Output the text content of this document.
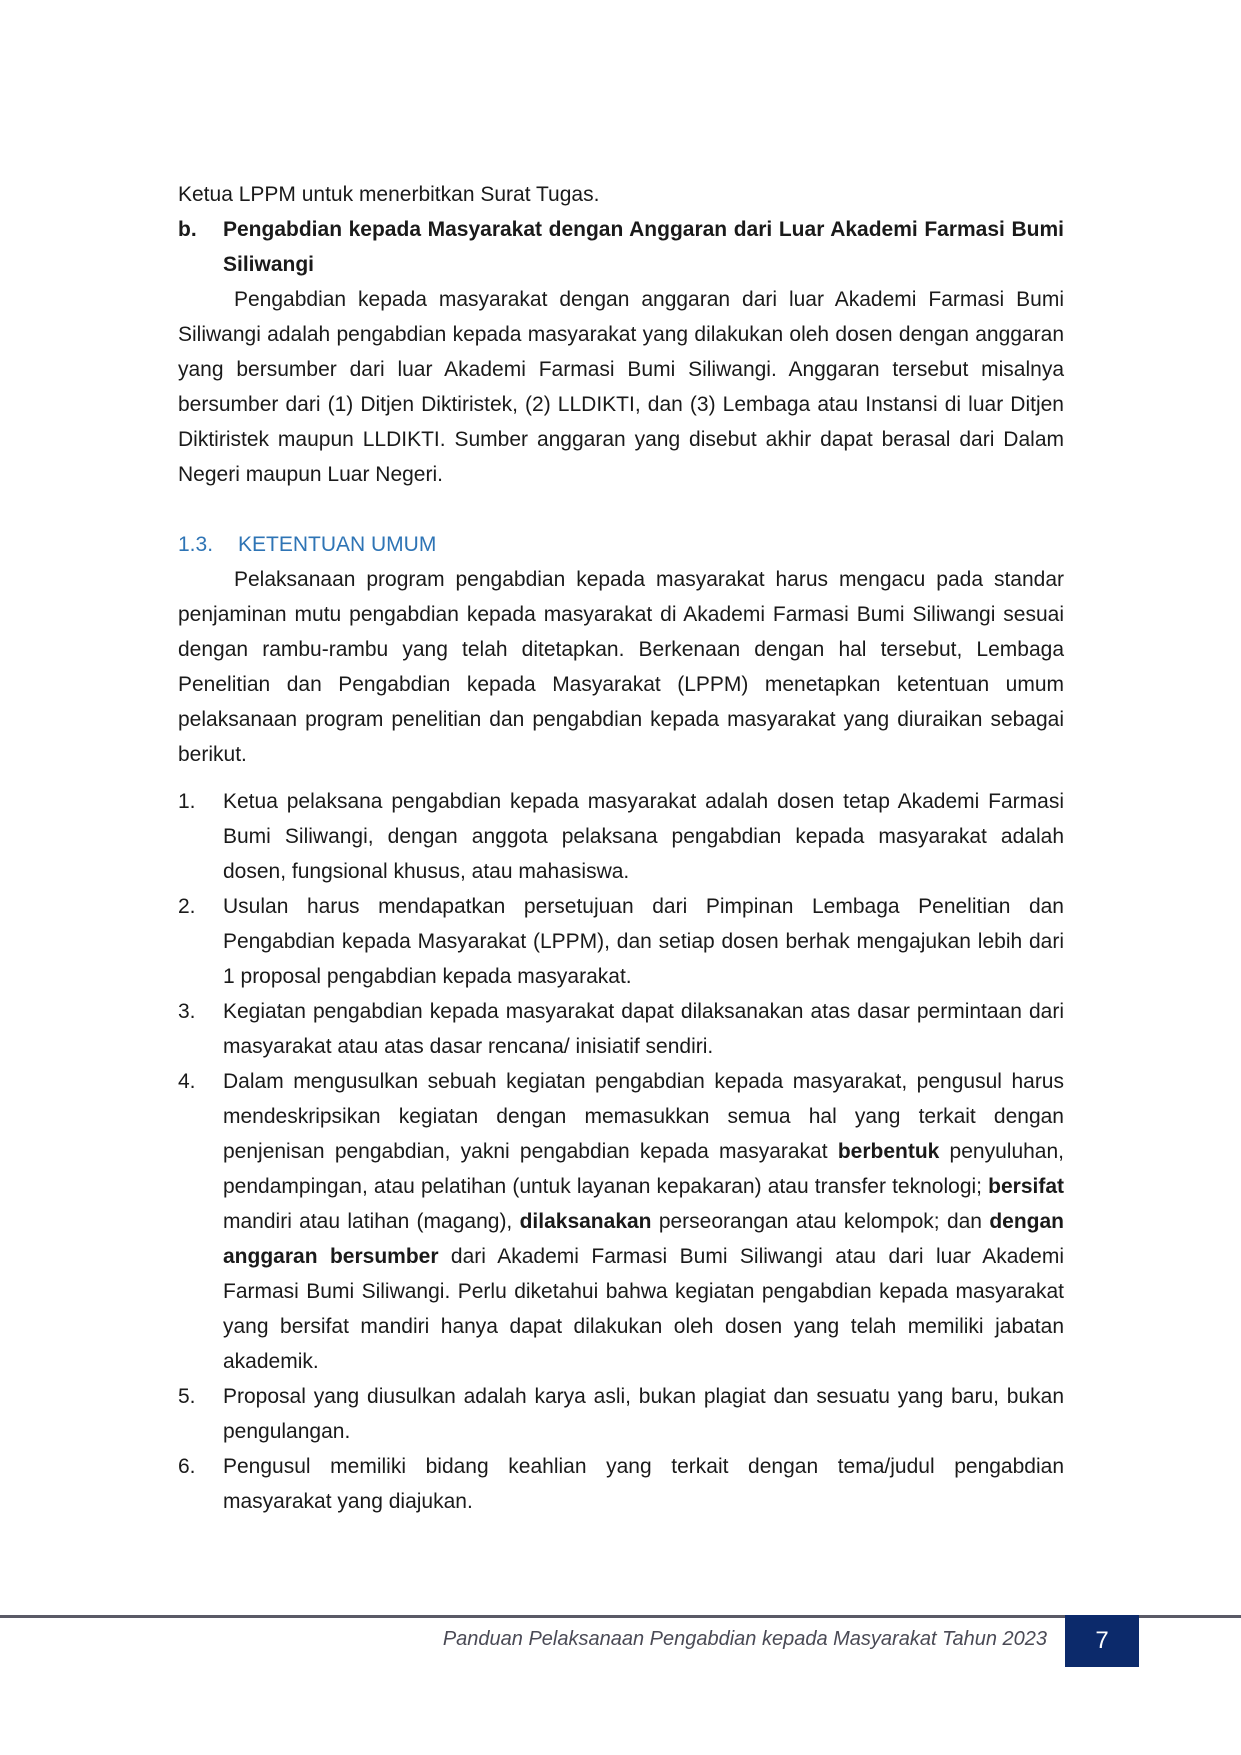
Ketua LPPM untuk menerbitkan Surat Tugas.

b.	Pengabdian kepada Masyarakat dengan Anggaran dari Luar Akademi Farmasi Bumi Siliwangi

Pengabdian kepada masyarakat dengan anggaran dari luar Akademi Farmasi Bumi Siliwangi adalah pengabdian kepada masyarakat yang dilakukan oleh dosen dengan anggaran yang bersumber dari luar Akademi Farmasi Bumi Siliwangi. Anggaran tersebut misalnya bersumber dari (1) Ditjen Diktiristek, (2) LLDIKTI, dan (3) Lembaga atau Instansi di luar Ditjen Diktiristek maupun LLDIKTI. Sumber anggaran yang disebut akhir dapat berasal dari Dalam Negeri maupun Luar Negeri.

1.3.	KETENTUAN UMUM

Pelaksanaan program pengabdian kepada masyarakat harus mengacu pada standar penjaminan mutu pengabdian kepada masyarakat di Akademi Farmasi Bumi Siliwangi sesuai dengan rambu-rambu yang telah ditetapkan. Berkenaan dengan hal tersebut, Lembaga Penelitian dan Pengabdian kepada Masyarakat (LPPM) menetapkan ketentuan umum pelaksanaan program penelitian dan pengabdian kepada masyarakat yang diuraikan sebagai berikut.

1.	Ketua pelaksana pengabdian kepada masyarakat adalah dosen tetap Akademi Farmasi Bumi Siliwangi, dengan anggota pelaksana pengabdian kepada masyarakat adalah dosen, fungsional khusus, atau mahasiswa.
2.	Usulan harus mendapatkan persetujuan dari Pimpinan Lembaga Penelitian dan Pengabdian kepada Masyarakat (LPPM), dan setiap dosen berhak mengajukan lebih dari 1 proposal pengabdian kepada masyarakat.
3.	Kegiatan pengabdian kepada masyarakat dapat dilaksanakan atas dasar permintaan dari masyarakat atau atas dasar rencana/ inisiatif sendiri.
4.	Dalam mengusulkan sebuah kegiatan pengabdian kepada masyarakat, pengusul harus mendeskripsikan kegiatan dengan memasukkan semua hal yang terkait dengan penjenisan pengabdian, yakni pengabdian kepada masyarakat berbentuk penyuluhan, pendampingan, atau pelatihan (untuk layanan kepakaran) atau transfer teknologi; bersifat mandiri atau latihan (magang), dilaksanakan perseorangan atau kelompok; dan dengan anggaran bersumber dari Akademi Farmasi Bumi Siliwangi atau dari luar Akademi Farmasi Bumi Siliwangi. Perlu diketahui bahwa kegiatan pengabdian kepada masyarakat yang bersifat mandiri hanya dapat dilakukan oleh dosen yang telah memiliki jabatan akademik.
5.	Proposal yang diusulkan adalah karya asli, bukan plagiat dan sesuatu yang baru, bukan pengulangan.
6.	Pengusul memiliki bidang keahlian yang terkait dengan tema/judul pengabdian masyarakat yang diajukan.
Panduan Pelaksanaan Pengabdian kepada Masyarakat Tahun 2023	7
